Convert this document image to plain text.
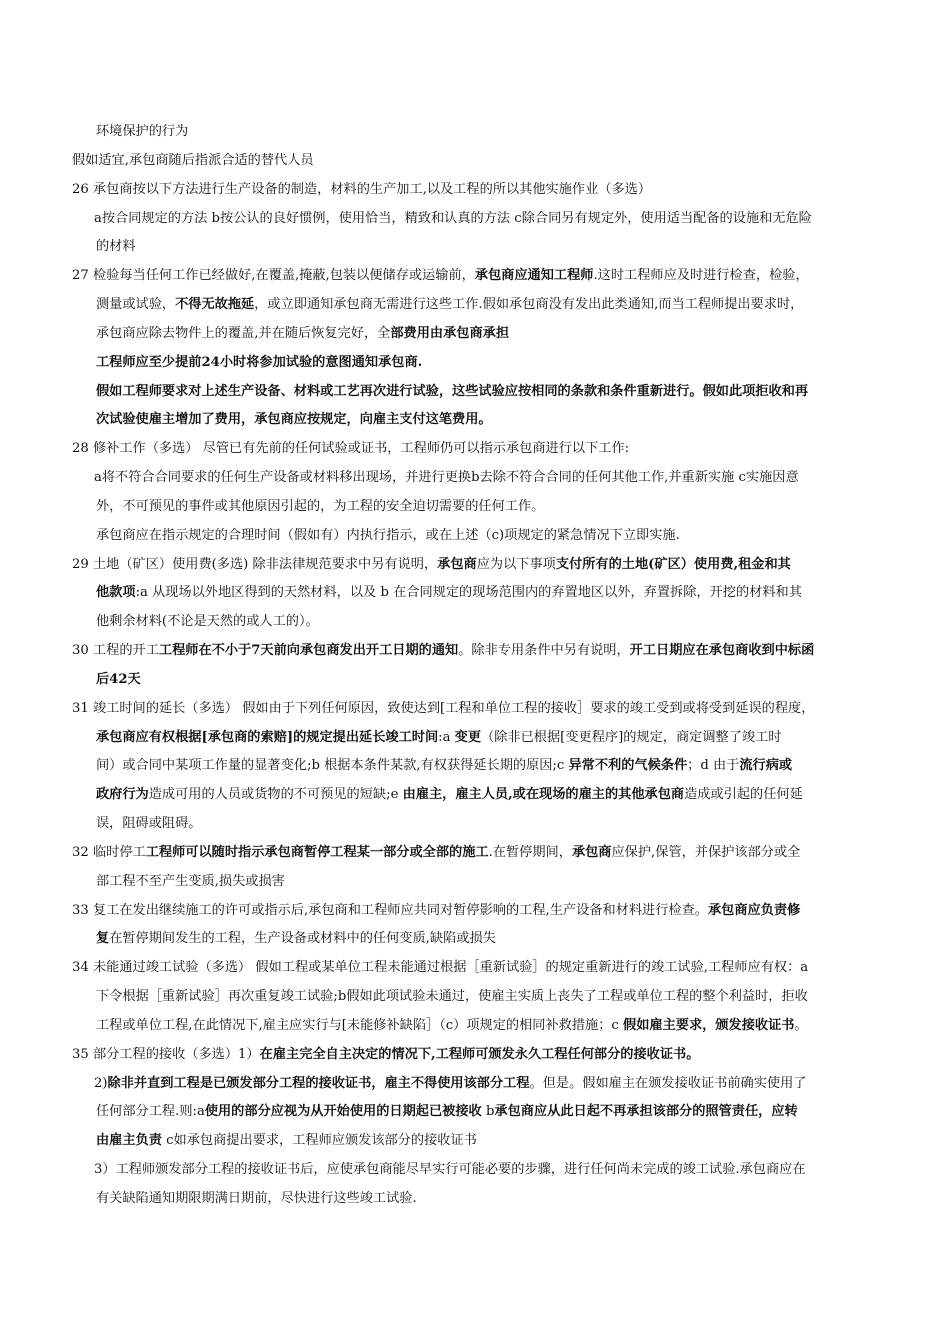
环境保护的行为
假如适宜,承包商随后指派合适的替代人员
26 承包商按以下方法进行生产设备的制造，材料的生产加工,以及工程的所以其他实施作业（多选）
a按合同规定的方法 b按公认的良好惯例，使用恰当，精致和认真的方法 c除合同另有规定外，使用适当配备的设施和无危险
的材料
27 检验每当任何工作已经做好,在覆盖,掩蔽,包装以便储存或运输前，承包商应通知工程师.这时工程师应及时进行检查，检验，
测量或试验，不得无故拖延，或立即通知承包商无需进行这些工作.假如承包商没有发出此类通知,而当工程师提出要求时，
承包商应除去物件上的覆盖,并在随后恢复完好，全部费用由承包商承担
工程师应至少提前24小时将参加试验的意图通知承包商.
假如工程师要求对上述生产设备、材料或工艺再次进行试验，这些试验应按相同的条款和条件重新进行。假如此项拒收和再
次试验使雇主增加了费用，承包商应按规定，向雇主支付这笔费用。
28 修补工作（多选） 尽管已有先前的任何试验或证书，工程师仍可以指示承包商进行以下工作:
a将不符合合同要求的任何生产设备或材料移出现场，并进行更换b去除不符合合同的任何其他工作,并重新实施 c实施因意
外，不可预见的事件或其他原因引起的，为工程的安全迫切需要的任何工作。
承包商应在指示规定的合理时间（假如有）内执行指示，或在上述（c)项规定的紧急情况下立即实施.
29 土地（矿区）使用费(多选) 除非法律规范要求中另有说明，承包商应为以下事项支付所有的土地(矿区）使用费,租金和其
他款项:a 从现场以外地区得到的天然材料，以及 b 在合同规定的现场范围内的弃置地区以外，弃置拆除，开挖的材料和其
他剩余材料(不论是天然的或人工的）。
30 工程的开工工程师在不小于7天前向承包商发出开工日期的通知。除非专用条件中另有说明，开工日期应在承包商收到中标函
后42天
31 竣工时间的延长（多选） 假如由于下列任何原因，致使达到[工程和单位工程的接收］要求的竣工受到或将受到延误的程度，
承包商应有权根据[承包商的索赔]的规定提出延长竣工时间:a 变更（除非已根据[变更程序]的规定，商定调整了竣工时
间）或合同中某项工作量的显著变化;b 根据本条件某款,有权获得延长期的原因;c 异常不利的气候条件；d 由于流行病或
政府行为造成可用的人员或货物的不可预见的短缺;e 由雇主，雇主人员,或在现场的雇主的其他承包商造成或引起的任何延
误，阻碍或阻碍。
32 临时停工工程师可以随时指示承包商暂停工程某一部分或全部的施工.在暂停期间，承包商应保护,保管，并保护该部分或全
部工程不至产生变质,损失或损害
33 复工在发出继续施工的许可或指示后,承包商和工程师应共同对暂停影响的工程,生产设备和材料进行检查。承包商应负责修
复在暂停期间发生的工程，生产设备或材料中的任何变质,缺陷或损失
34 未能通过竣工试验（多选） 假如工程或某单位工程未能通过根据［重新试验］的规定重新进行的竣工试验,工程师应有权：a
下令根据［重新试验］再次重复竣工试验;b假如此项试验未通过，使雇主实质上丧失了工程或单位工程的整个利益时，拒收
工程或单位工程,在此情况下,雇主应实行与[未能修补缺陷］（c）项规定的相同补救措施；c 假如雇主要求，颁发接收证书。
35 部分工程的接收（多选）1）在雇主完全自主决定的情况下,工程师可颁发永久工程任何部分的接收证书。
2)除非并直到工程是已颁发部分工程的接收证书，雇主不得使用该部分工程。但是。假如雇主在颁发接收证书前确实使用了
任何部分工程.则:a使用的部分应视为从开始使用的日期起已被接收 b承包商应从此日起不再承担该部分的照管责任，应转
由雇主负责 c如承包商提出要求，工程师应颁发该部分的接收证书
3）工程师颁发部分工程的接收证书后，应使承包商能尽早实行可能必要的步骤，进行任何尚未完成的竣工试验.承包商应在
有关缺陷通知期限期满日期前，尽快进行这些竣工试验.
